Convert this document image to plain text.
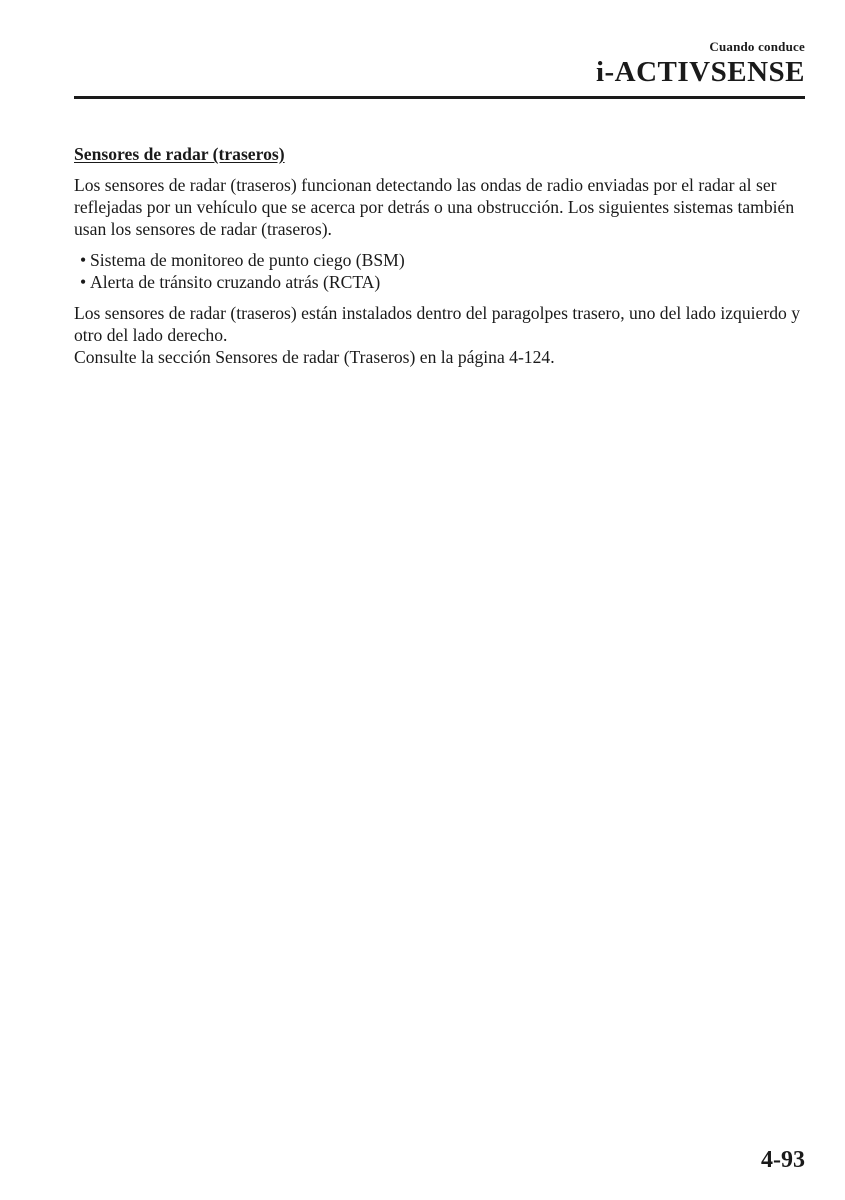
Cuando conduce
i-ACTIVSENSE
Sensores de radar (traseros)

Los sensores de radar (traseros) funcionan detectando las ondas de radio enviadas por el radar al ser reflejadas por un vehículo que se acerca por detrás o una obstrucción. Los siguientes sistemas también usan los sensores de radar (traseros).

• Sistema de monitoreo de punto ciego (BSM)
• Alerta de tránsito cruzando atrás (RCTA)

Los sensores de radar (traseros) están instalados dentro del paragolpes trasero, uno del lado izquierdo y otro del lado derecho.

Consulte la sección Sensores de radar (Traseros) en la página 4-124.

4-93
